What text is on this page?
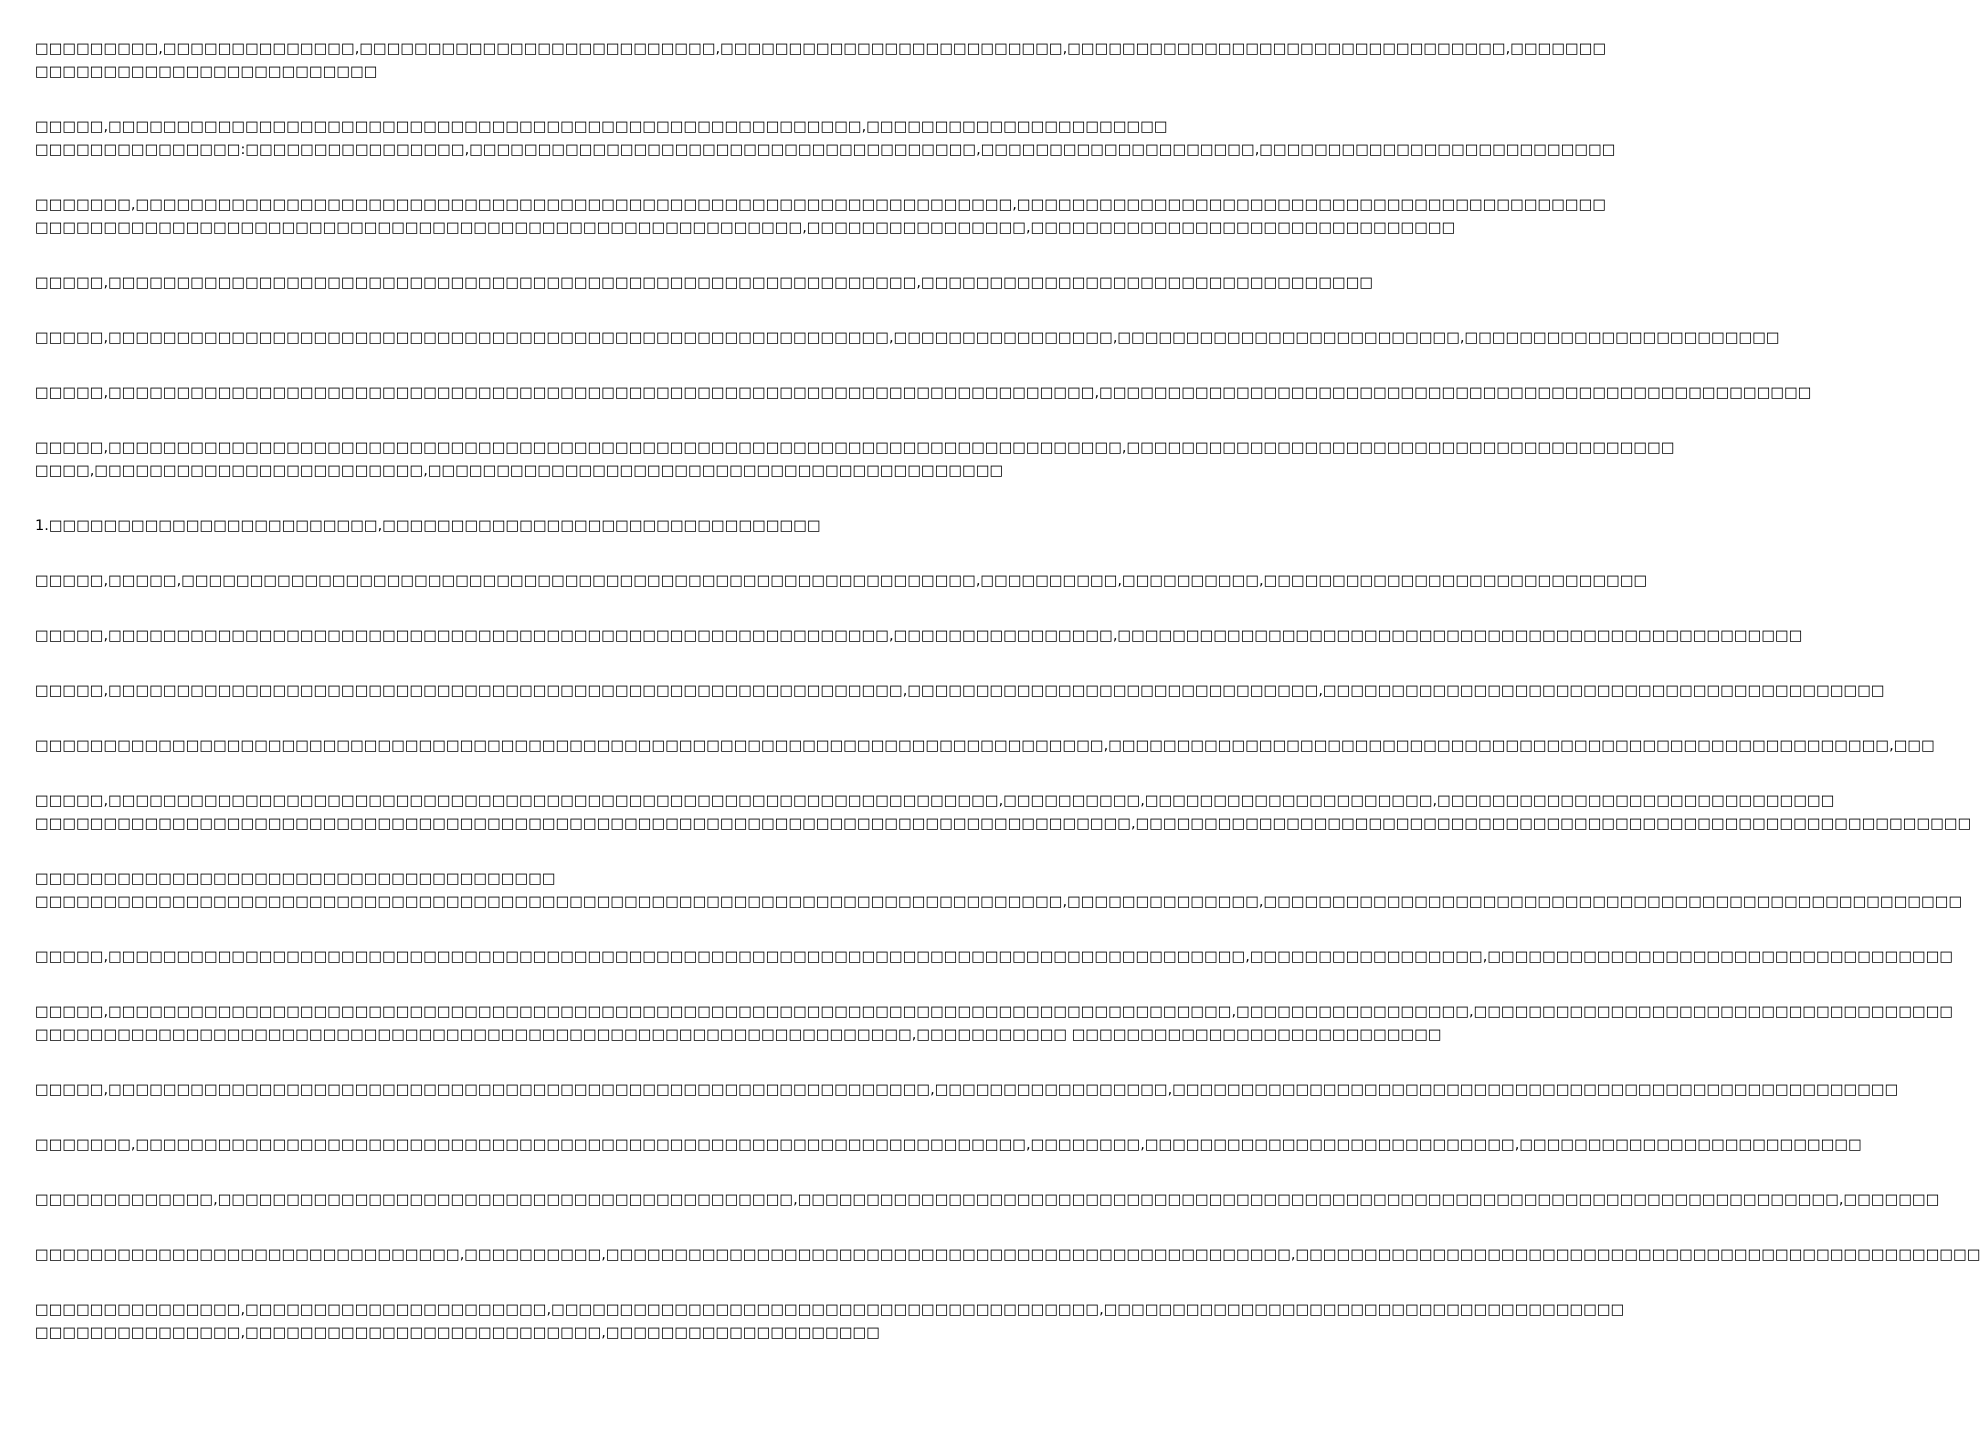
□□□□□□□□□,□□□□□□□□□□□□□□,□□□□□□□□□□□□□□□□□□□□□□□□□□,□□□□□□□□□□□□□□□□□□□□□□□□□,□□□□□□□□□□□□□□□□□□□□□□□□□□□□□□□□,□□□□□□□
□□□□□□□□□□□□□□□□□□□□□□□□□
□□□□□,□□□□□□□□□□□□□□□□□□□□□□□□□□□□□□□□□□□□□□□□□□□□□□□□□□□□□□□,□□□□□□□□□□□□□□□□□□□□□□
□□□□□□□□□□□□□□□:□□□□□□□□□□□□□□□□,□□□□□□□□□□□□□□□□□□□□□□□□□□□□□□□□□□□□□,□□□□□□□□□□□□□□□□□□□□,□□□□□□□□□□□□□□□□□□□□□□□□□□
□□□□□□□,□□□□□□□□□□□□□□□□□□□□□□□□□□□□□□□□□□□□□□□□□□□□□□□□□□□□□□□□□□□□□□□□,□□□□□□□□□□□□□□□□□□□□□□□□□□□□□□□□□□□□□□□□□□□
□□□□□□□□□□□□□□□□□□□□□□□□□□□□□□□□□□□□□□□□□□□□□□□□□□□□□□□□,□□□□□□□□□□□□□□□□,□□□□□□□□□□□□□□□□□□□□□□□□□□□□□□□
□□□□□,□□□□□□□□□□□□□□□□□□□□□□□□□□□□□□□□□□□□□□□□□□□□□□□□□□□□□□□□□□□,□□□□□□□□□□□□□□□□□□□□□□□□□□□□□□□□□
□□□□□,□□□□□□□□□□□□□□□□□□□□□□□□□□□□□□□□□□□□□□□□□□□□□□□□□□□□□□□□□,□□□□□□□□□□□□□□□□,□□□□□□□□□□□□□□□□□□□□□□□□□,□□□□□□□□□□□□□□□□□□□□□□□
□□□□□,□□□□□□□□□□□□□□□□□□□□□□□□□□□□□□□□□□□□□□□□□□□□□□□□□□□□□□□□□□□□□□□□□□□□□□□□,□□□□□□□□□□□□□□□□□□□□□□□□□□□□□□□□□□□□□□□□□□□□□□□□□□□□
□□□□□,□□□□□□□□□□□□□□□□□□□□□□□□□□□□□□□□□□□□□□□□□□□□□□□□□□□□□□□□□□□□□□□□□□□□□□□□□□,□□□□□□□□□□□□□□□□□□□□□□□□□□□□□□□□□□□□□□□□
□□□□,□□□□□□□□□□□□□□□□□□□□□□□□,□□□□□□□□□□□□□□□□□□□□□□□□□□□□□□□□□□□□□□□□□□
1.□□□□□□□□□□□□□□□□□□□□□□□□,□□□□□□□□□□□□□□□□□□□□□□□□□□□□□□□□
□□□□□,□□□□□,□□□□□□□□□□□□□□□□□□□□□□□□□□□□□□□□□□□□□□□□□□□□□□□□□□□□□□□□□□,□□□□□□□□□□,□□□□□□□□□□,□□□□□□□□□□□□□□□□□□□□□□□□□□□□
□□□□□,□□□□□□□□□□□□□□□□□□□□□□□□□□□□□□□□□□□□□□□□□□□□□□□□□□□□□□□□□,□□□□□□□□□□□□□□□□,□□□□□□□□□□□□□□□□□□□□□□□□□□□□□□□□□□□□□□□□□□□□□□□□□□
□□□□□,□□□□□□□□□□□□□□□□□□□□□□□□□□□□□□□□□□□□□□□□□□□□□□□□□□□□□□□□□□,□□□□□□□□□□□□□□□□□□□□□□□□□□□□□□,□□□□□□□□□□□□□□□□□□□□□□□□□□□□□□□□□□□□□□□□□
□□□□□□□□□□□□□□□□□□□□□□□□□□□□□□□□□□□□□□□□□□□□□□□□□□□□□□□□□□□□□□□□□□□□□□□□□□□□□□,□□□□□□□□□□□□□□□□□□□□□□□□□□□□□□□□□□□□□□□□□□□□□□□□□□□□□□□□□,□□□
□□□□□,□□□□□□□□□□□□□□□□□□□□□□□□□□□□□□□□□□□□□□□□□□□□□□□□□□□□□□□□□□□□□□□□□,□□□□□□□□□□,□□□□□□□□□□□□□□□□□□□□□,□□□□□□□□□□□□□□□□□□□□□□□□□□□□□
□□□□□□□□□□□□□□□□□□□□□□□□□□□□□□□□□□□□□□□□□□□□□□□□□□□□□□□□□□□□□□□□□□□□□□□□□□□□□□□□,□□□□□□□□□□□□□□□□□□□□□□□□□□□□□□□□□□□□□□□□□□□□□□□□□□□□□□□□□□□□□
□□□□□□□□□□□□□□□□□□□□□□□□□□□□□□□□□□□□□□
□□□□□□□□□□□□□□□□□□□□□□□□□□□□□□□□□□□□□□□□□□□□□□□□□□□□□□□□□□□□□□□□□□□□□□□□□□□,□□□□□□□□□□□□□□,□□□□□□□□□□□□□□□□□□□□□□□□□□□□□□□□□□□□□□□□□□□□□□□□□□□
□□□□□,□□□□□□□□□□□□□□□□□□□□□□□□□□□□□□□□□□□□□□□□□□□□□□□□□□□□□□□□□□□□□□□□□□□□□□□□□□□□□□□□□□□,□□□□□□□□□□□□□□□□□,□□□□□□□□□□□□□□□□□□□□□□□□□□□□□□□□□□
□□□□□,□□□□□□□□□□□□□□□□□□□□□□□□□□□□□□□□□□□□□□□□□□□□□□□□□□□□□□□□□□□□□□□□□□□□□□□□□□□□□□□□□□,□□□□□□□□□□□□□□□□□,□□□□□□□□□□□□□□□□□□□□□□□□□□□□□□□□□□□
□□□□□□□□□□□□□□□□□□□□□□□□□□□□□□□□□□□□□□□□□□□□□□□□□□□□□□□□□□□□□□□□,□□□□□□□□□□□ □□□□□□□□□□□□□□□□□□□□□□□□□□□
□□□□□,□□□□□□□□□□□□□□□□□□□□□□□□□□□□□□□□□□□□□□□□□□□□□□□□□□□□□□□□□□□□,□□□□□□□□□□□□□□□□□,□□□□□□□□□□□□□□□□□□□□□□□□□□□□□□□□□□□□□□□□□□□□□□□□□□□□□
□□□□□□□,□□□□□□□□□□□□□□□□□□□□□□□□□□□□□□□□□□□□□□□□□□□□□□□□□□□□□□□□□□□□□□□□□,□□□□□□□□,□□□□□□□□□□□□□□□□□□□□□□□□□□□,□□□□□□□□□□□□□□□□□□□□□□□□□
□□□□□□□□□□□□□,□□□□□□□□□□□□□□□□□□□□□□□□□□□□□□□□□□□□□□□□□□,□□□□□□□□□□□□□□□□□□□□□□□□□□□□□□□□□□□□□□□□□□□□□□□□□□□□□□□□□□□□□□□□□□□□□□□□□□□□,□□□□□□□
□□□□□□□□□□□□□□□□□□□□□□□□□□□□□□□,□□□□□□□□□□,□□□□□□□□□□□□□□□□□□□□□□□□□□□□□□□□□□□□□□□□□□□□□□□□□□,□□□□□□□□□□□□□□□□□□□□□□□□□□□□□□□□□□□□□□□□□□□□□□□□□□
□□□□□□□□□□□□□□□,□□□□□□□□□□□□□□□□□□□□□□,□□□□□□□□□□□□□□□□□□□□□□□□□□□□□□□□□□□□□□□□,□□□□□□□□□□□□□□□□□□□□□□□□□□□□□□□□□□□□□□
□□□□□□□□□□□□□□□,□□□□□□□□□□□□□□□□□□□□□□□□□□,□□□□□□□□□□□□□□□□□□□□
